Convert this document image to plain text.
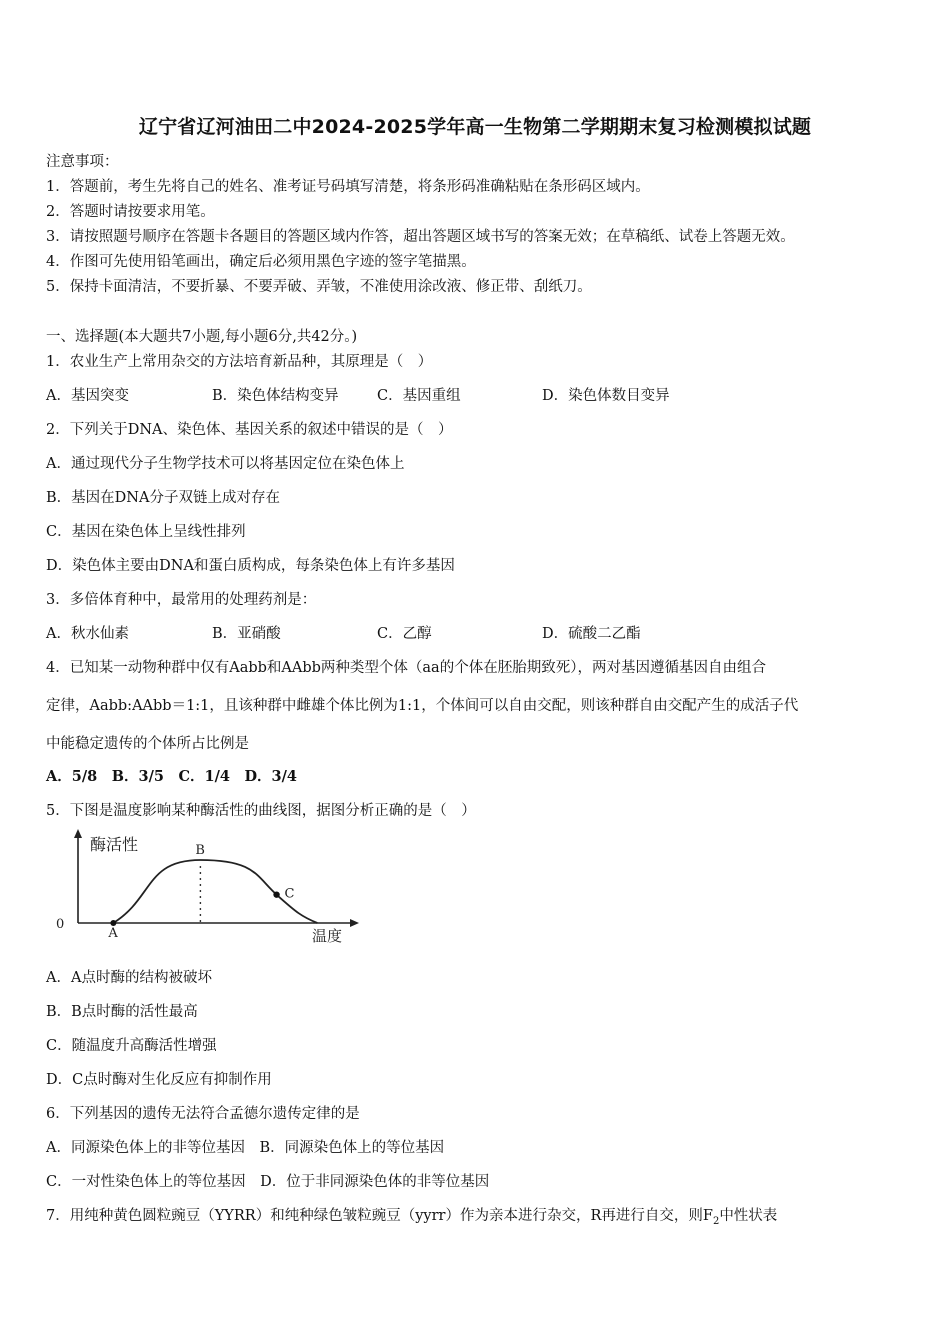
辽宁省辽河油田二中2024-2025学年高一生物第二学期期末复习检测模拟试题
注意事项：
1．答题前，考生先将自己的姓名、准考证号码填写清楚，将条形码准确粘贴在条形码区域内。
2．答题时请按要求用笔。
3．请按照题号顺序在答题卡各题目的答题区域内作答，超出答题区域书写的答案无效；在草稿纸、试卷上答题无效。
4．作图可先使用铅笔画出，确定后必须用黑色字迹的签字笔描黑。
5．保持卡面清洁，不要折暴、不要弄破、弄皱，不准使用涂改液、修正带、刮纸刀。
一、选择题(本大题共7小题,每小题6分,共42分。)
1．农业生产上常用杂交的方法培育新品种，其原理是（　）
A．基因突变	B．染色体结构变异	C．基因重组	D．染色体数目变异
2．下列关于DNA、染色体、基因关系的叙述中错误的是（　）
A．通过现代分子生物学技术可以将基因定位在染色体上
B．基因在DNA分子双链上成对存在
C．基因在染色体上呈线性排列
D．染色体主要由DNA和蛋白质构成，每条染色体上有许多基因
3．多倍体育种中，最常用的处理药剂是：
A．秋水仙素	B．亚硝酸	C．乙醇	D．硫酸二乙酯
4．已知某一动物种群中仅有Aabb和AAbb两种类型个体（aa的个体在胚胎期致死），两对基因遵循基因自由组合
定律，Aabb:AAbb＝1:1，且该种群中雌雄个体比例为1:1，个体间可以自由交配，则该种群自由交配产生的成活子代
中能稳定遗传的个体所占比例是
A．5/8　B．3/5　C．1/4　D．3/4
5．下图是温度影响某种酶活性的曲线图，据图分析正确的是（　）
酶活性
温度
0
A
B
C
A．A点时酶的结构被破坏
B．B点时酶的活性最高
C．随温度升高酶活性增强
D．C点时酶对生化反应有抑制作用
6．下列基因的遗传无法符合孟德尔遗传定律的是
A．同源染色体上的非等位基因　B．同源染色体上的等位基因
C．一对性染色体上的等位基因　D．位于非同源染色体的非等位基因
7．用纯种黄色圆粒豌豆（YYRR）和纯种绿色皱粒豌豆（yyrr）作为亲本进行杂交，R再进行自交，则$F_2$中性状表
